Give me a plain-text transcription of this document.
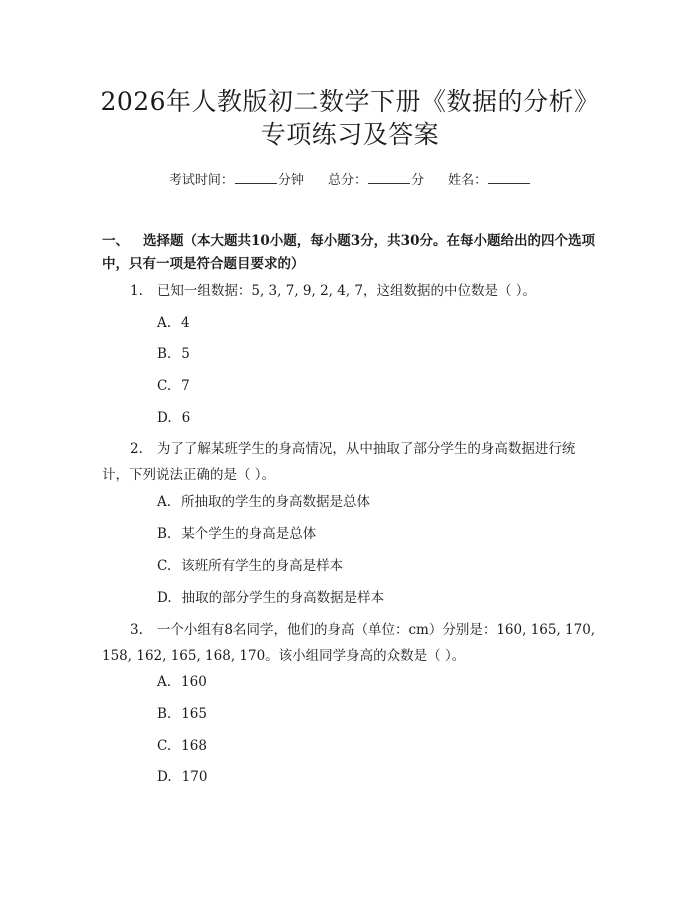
2026年人教版初二数学下册《数据的分析》
专项练习及答案
考试时间：	分钟 总分：	分 姓名：
一、 选择题（本大题共10小题，每小题3分，共30分。在每小题给出的四个选项中，只有一项是符合题目要求的）
1. 已知一组数据：5, 3, 7, 9, 2, 4, 7，这组数据的中位数是（ ）。
A. 4
B. 5
C. 7
D. 6
2. 为了了解某班学生的身高情况，从中抽取了部分学生的身高数据进行统计，下列说法正确的是（ ）。
A. 所抽取的学生的身高数据是总体
B. 某个学生的身高是总体
C. 该班所有学生的身高是样本
D. 抽取的部分学生的身高数据是样本
3. 一个小组有8名同学，他们的身高（单位：cm）分别是：160, 165, 170, 158, 162, 165, 168, 170。该小组同学身高的众数是（ ）。
A. 160
B. 165
C. 168
D. 170
